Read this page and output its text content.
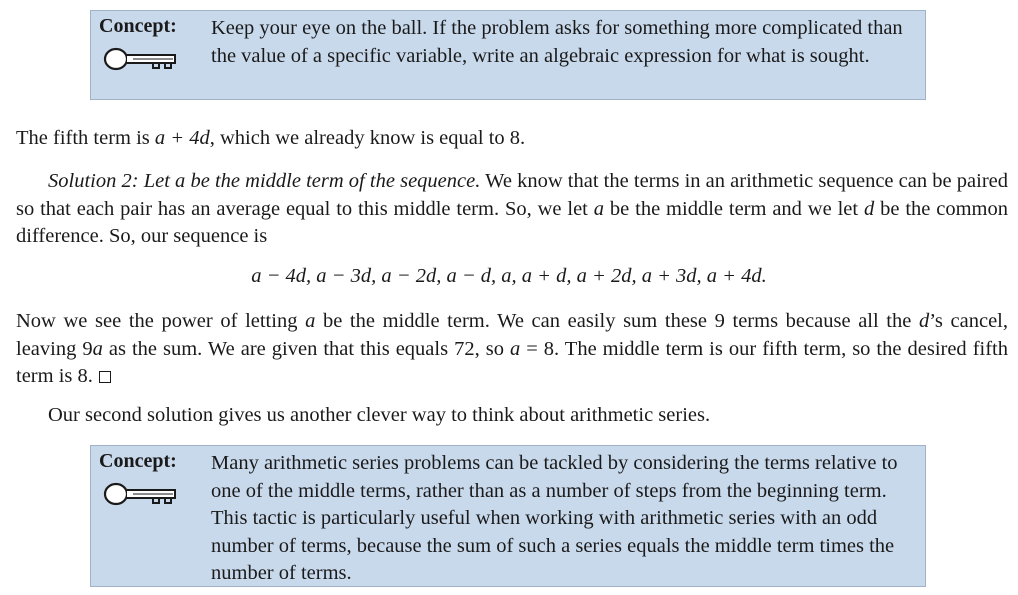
Concept: Keep your eye on the ball. If the problem asks for something more complicated than the value of a specific variable, write an algebraic expression for what is sought.
The fifth term is a + 4d, which we already know is equal to 8.
Solution 2: Let a be the middle term of the sequence. We know that the terms in an arithmetic sequence can be paired so that each pair has an average equal to this middle term. So, we let a be the middle term and we let d be the common difference. So, our sequence is
a − 4d, a − 3d, a − 2d, a − d, a, a + d, a + 2d, a + 3d, a + 4d.
Now we see the power of letting a be the middle term. We can easily sum these 9 terms because all the d’s cancel, leaving 9a as the sum. We are given that this equals 72, so a = 8. The middle term is our fifth term, so the desired fifth term is 8.
Our second solution gives us another clever way to think about arithmetic series.
Concept: Many arithmetic series problems can be tackled by considering the terms relative to one of the middle terms, rather than as a number of steps from the beginning term. This tactic is particularly useful when working with arithmetic series with an odd number of terms, because the sum of such a series equals the middle term times the number of terms.
